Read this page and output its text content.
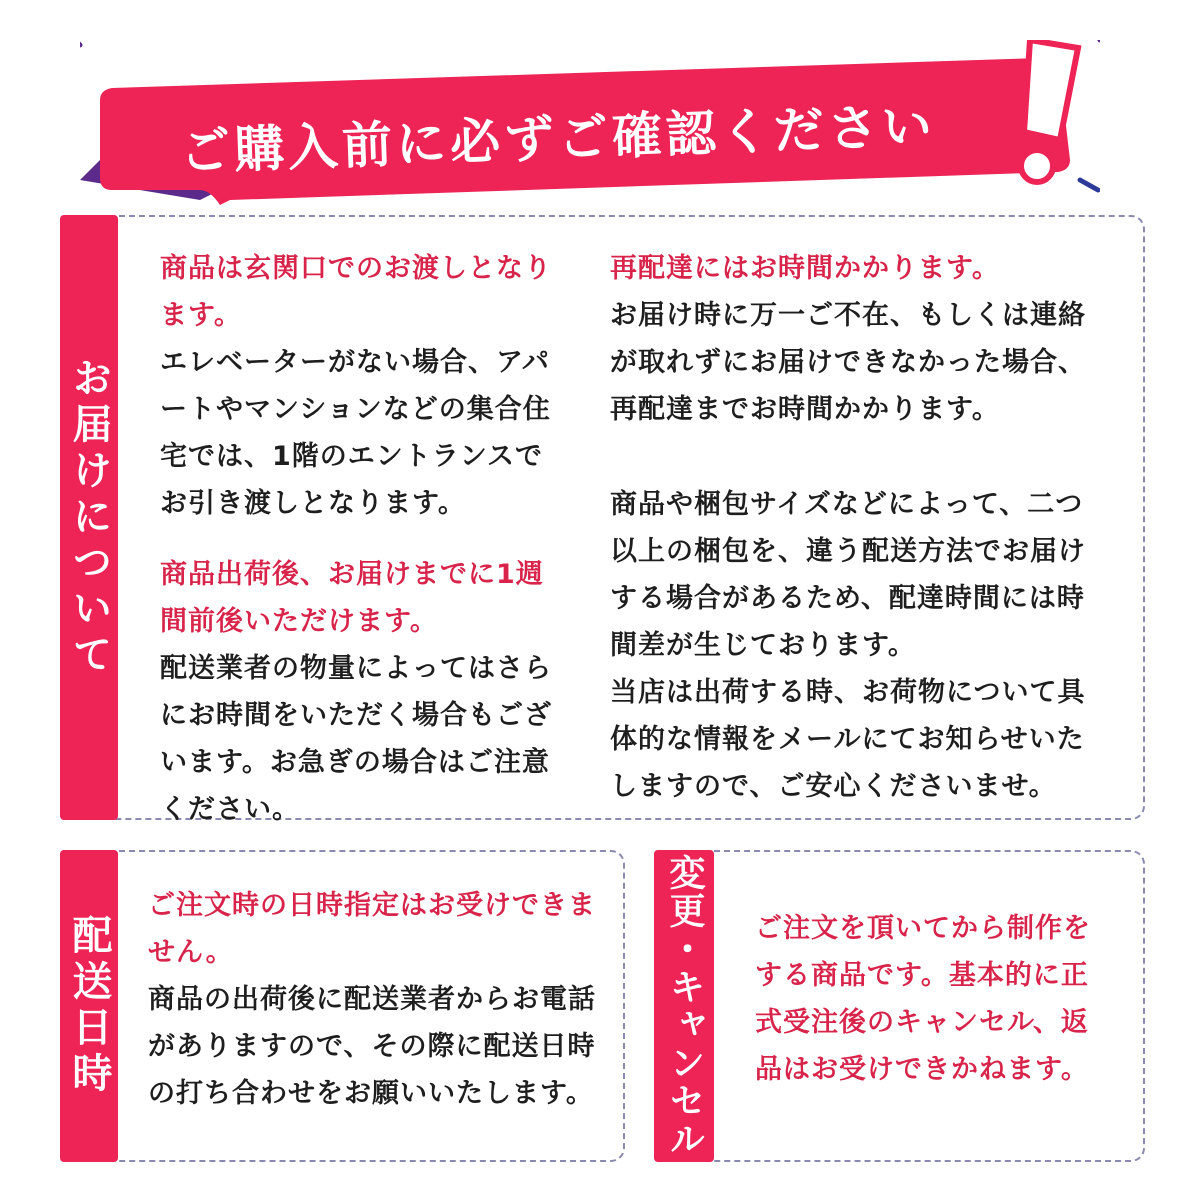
ご購入前に必ずご確認ください
お届けについて

商品は玄関口でのお渡しとなります。

エレベーターがない場合、アパートやマンションなどの集合住宅では、1階のエントランスでお引き渡しとなります。

商品出荷後、お届けまでに1週間前後いただけます。

配送業者の物量によってはさらにお時間をいただく場合もございます。お急ぎの場合はご注意ください。

再配達にはお時間かかります。

お届け時に万一ご不在、もしくは連絡が取れずにお届けできなかった場合、再配達までお時間かかります。

商品や梱包サイズなどによって、二つ以上の梱包を、違う配送方法でお届けする場合があるため、配達時間には時間差が生じております。

当店は出荷する時、お荷物について具体的な情報をメールにてお知らせいたしますので、ご安心くださいませ。

配送日時

ご注文時の日時指定はお受けできません。

商品の出荷後に配送業者からお電話がありますので、その際に配送日時の打ち合わせをお願いいたします。 変更・キャンセル ご注文を頂いてから制作をする商品です。基本的に正式受注後のキャンセル、返品はお受けできかねます。
